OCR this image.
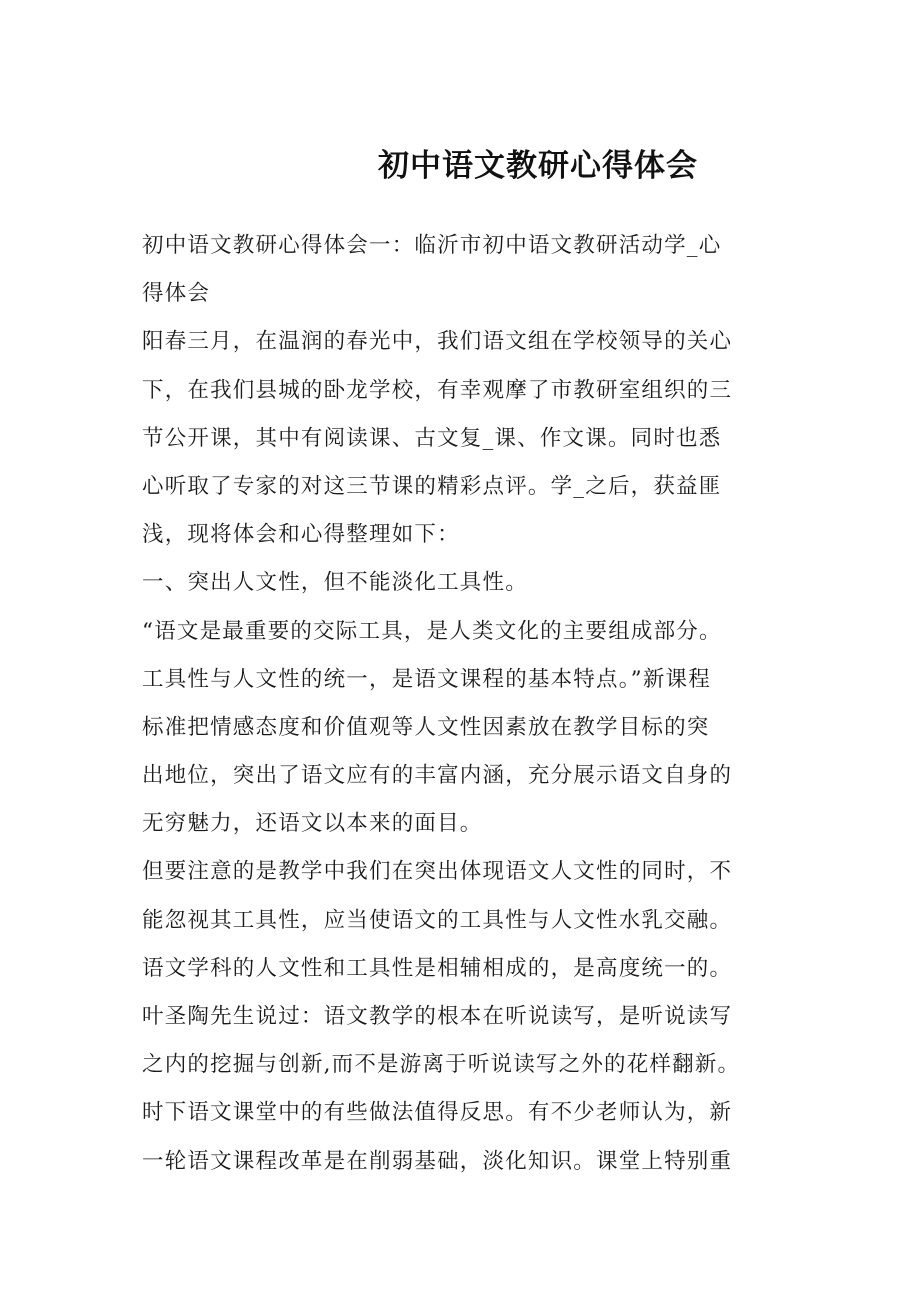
初中语文教研心得体会
初中语文教研心得体会一：临沂市初中语文教研活动学_心
得体会
阳春三月，在温润的春光中，我们语文组在学校领导的关心
下，在我们县城的卧龙学校，有幸观摩了市教研室组织的三
节公开课，其中有阅读课、古文复_课、作文课。同时也悉
心听取了专家的对这三节课的精彩点评。学_之后，获益匪
浅，现将体会和心得整理如下：
一、突出人文性，但不能淡化工具性。
“语文是最重要的交际工具，是人类文化的主要组成部分。
工具性与人文性的统一，是语文课程的基本特点。”新课程
标准把情感态度和价值观等人文性因素放在教学目标的突
出地位，突出了语文应有的丰富内涵，充分展示语文自身的
无穷魅力，还语文以本来的面目。
但要注意的是教学中我们在突出体现语文人文性的同时，不
能忽视其工具性，应当使语文的工具性与人文性水乳交融。
语文学科的人文性和工具性是相辅相成的，是高度统一的。
叶圣陶先生说过：语文教学的根本在听说读写，是听说读写
之内的挖掘与创新,而不是游离于听说读写之外的花样翻新。
时下语文课堂中的有些做法值得反思。有不少老师认为，新
一轮语文课程改革是在削弱基础，淡化知识。课堂上特别重
